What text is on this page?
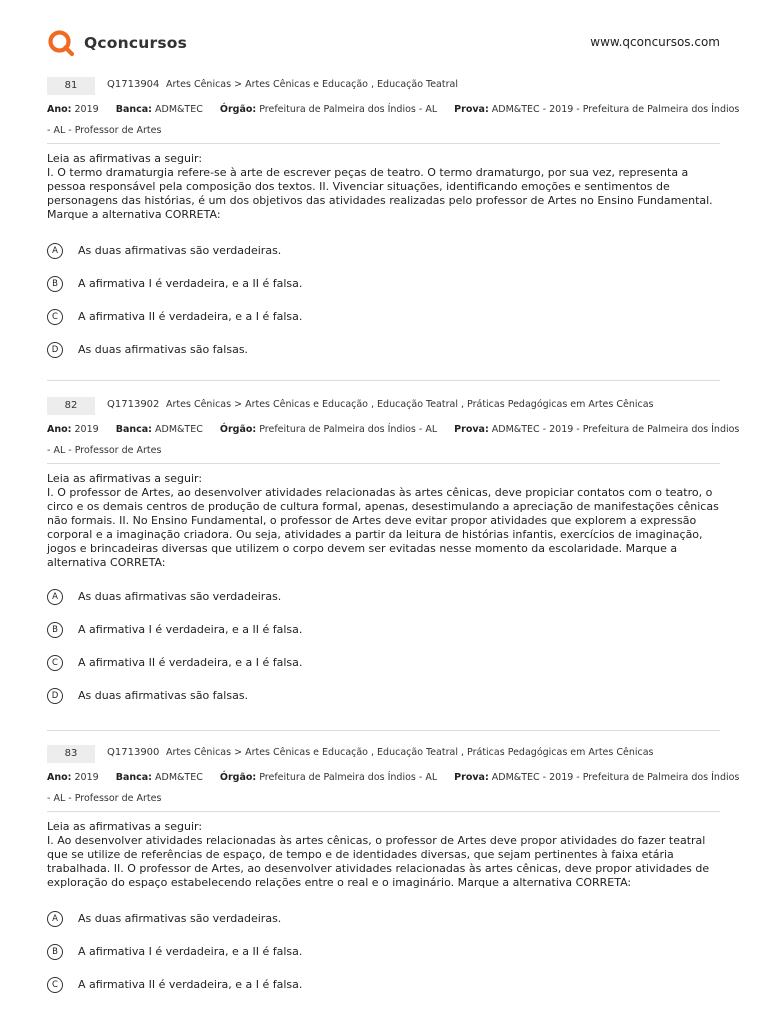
Qconcursos	www.qconcursos.com
81	Q1713904 Artes Cênicas > Artes Cênicas e Educação , Educação Teatral
Ano: 2019 Banca: ADM&TEC Órgão: Prefeitura de Palmeira dos Índios - AL Prova: ADM&TEC - 2019 - Prefeitura de Palmeira dos Índios
- AL - Professor de Artes

Leia as afirmativas a seguir:

I. O termo dramaturgia refere-se à arte de escrever peças de teatro. O termo dramaturgo, por sua vez, representa a pessoa responsável pela composição dos textos. II. Vivenciar situações, identificando emoções e sentimentos de personagens das histórias, é um dos objetivos das atividades realizadas pelo professor de Artes no Ensino Fundamental. Marque a alternativa CORRETA:

A	As duas afirmativas são verdadeiras.
B	A afirmativa I é verdadeira, e a II é falsa.
C	A afirmativa II é verdadeira, e a I é falsa.
D	As duas afirmativas são falsas.
82	Q1713902 Artes Cênicas > Artes Cênicas e Educação , Educação Teatral , Práticas Pedagógicas em Artes Cênicas
Ano: 2019 Banca: ADM&TEC Órgão: Prefeitura de Palmeira dos Índios - AL Prova: ADM&TEC - 2019 - Prefeitura de Palmeira dos Índios
- AL - Professor de Artes

Leia as afirmativas a seguir:

I. O professor de Artes, ao desenvolver atividades relacionadas às artes cênicas, deve propiciar contatos com o teatro, o circo e os demais centros de produção de cultura formal, apenas, desestimulando a apreciação de manifestações cênicas não formais. II. No Ensino Fundamental, o professor de Artes deve evitar propor atividades que explorem a expressão corporal e a imaginação criadora. Ou seja, atividades a partir da leitura de histórias infantis, exercícios de imaginação, jogos e brincadeiras diversas que utilizem o corpo devem ser evitadas nesse momento da escolaridade. Marque a alternativa CORRETA:

A	As duas afirmativas são verdadeiras.
B	A afirmativa I é verdadeira, e a II é falsa.
C	A afirmativa II é verdadeira, e a I é falsa.
D	As duas afirmativas são falsas.
83	Q1713900 Artes Cênicas > Artes Cênicas e Educação , Educação Teatral , Práticas Pedagógicas em Artes Cênicas
Ano: 2019 Banca: ADM&TEC Órgão: Prefeitura de Palmeira dos Índios - AL Prova: ADM&TEC - 2019 - Prefeitura de Palmeira dos Índios
- AL - Professor de Artes

Leia as afirmativas a seguir:

I. Ao desenvolver atividades relacionadas às artes cênicas, o professor de Artes deve propor atividades do fazer teatral que se utilize de referências de espaço, de tempo e de identidades diversas, que sejam pertinentes à faixa etária trabalhada. II. O professor de Artes, ao desenvolver atividades relacionadas às artes cênicas, deve propor atividades de exploração do espaço estabelecendo relações entre o real e o imaginário. Marque a alternativa CORRETA:

A	As duas afirmativas são verdadeiras.
B	A afirmativa I é verdadeira, e a II é falsa.
C	A afirmativa II é verdadeira, e a I é falsa.
